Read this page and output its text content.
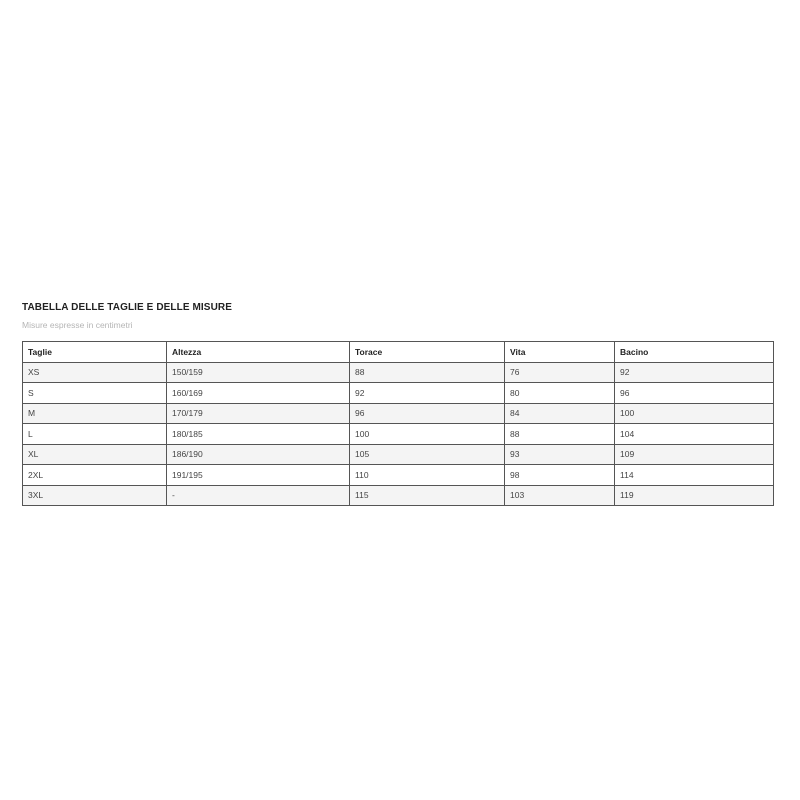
TABELLA DELLE TAGLIE E DELLE MISURE

Misure espresse in centimetri

Taglie	Altezza	Torace	Vita	Bacino
XS	150/159	88	76	92
S	160/169	92	80	96
M	170/179	96	84	100
L	180/185	100	88	104
XL	186/190	105	93	109
2XL	191/195	110	98	114
3XL	-	115	103	119
